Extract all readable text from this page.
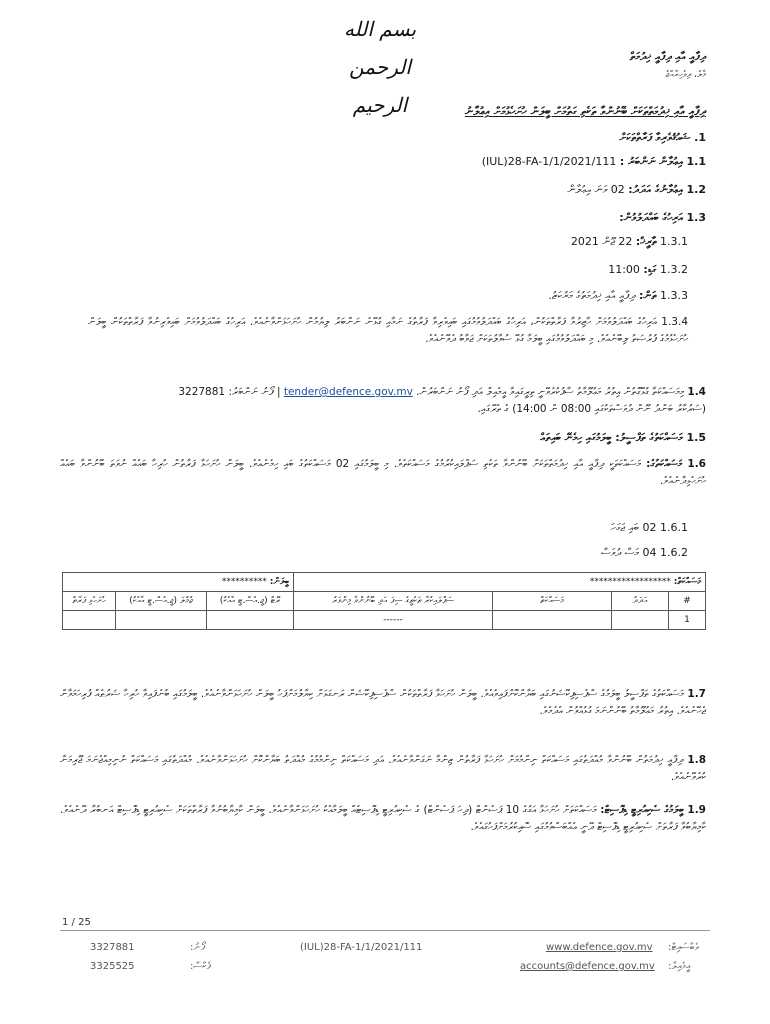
بسم الله الرحمن الرحيم
ދިފާއީ އާއި ދިފާއީ ޚިދުމަތް
މާލެ، ދިވެހިރާއްޖެ
ދިފާއީ އާއި ޚިދުމަތްތަކަށް ބޭނުންވާ ތަކެތި ގަތުމަށް ބީލަން ހުށަހެޅުމަށް އިޢުލާނު
1. ޝައުޤުވެރިވާ ފަރާތްތަކަށް
1.1 އިޢުލާން ނަންބަރު : (IUL)28-FA-1/1/2021/111
1.2 އިޢުލާނުގެ އަދަދު: 02 ވަނަ އިޢުލާން
1.3 އަރިހުގެ ބައްދަލުވުން:
1.3.1 ތާރީޚް: 22 ޖޫން 2021
1.3.2 ގަޑި: 11:00
1.3.3 ތަން: ދިފާއީ އާއި ޚިދުމަތުގެ މަރުކަޒު.
1.3.4 އަރިހުގެ ބައްދަލުވުމަށް ހާޒިރުވާ ފަރާތްތަކުން، އަރިހުގެ ބައްދަލުވުމުގައި ބައިވެރިވާ ފަރާތުގެ ނަމާއި ގުޅޭނެ ނަންބަރު ލިޔުމުން ހުށަހަޅަންވާނެއެވެ. އަރިހުގެ ބައްދަލުވުމަށް ބައިވެރިނުވާ ފަރާތްތަކުން ބީލަން ހުށަހެޅުމުގެ ފުރުޞަތު ލިބޭނެއެވެ. މި ބައްދަލުވުމުގައި ބީލަމާ ގުޅޭ ސުވާލުތަކަށް ޖަވާބު ދެވޭނެއެވެ.
1.4 މިމަސައްކަތާ ގުޅޭގޮތުން އިތުރު މަޢުލޫމާތު ސާފުކުރެވޭނީ ތިރީގައިވާ އީމެއިލް އަދި ފޯނު ނަންބަރުން. tender@defence.gov.mv | ފޯނު ނަންބަރު: 3227881
(ސަރުކާރު ބަންދު ނޫން ދުވަސްތަކުގައި 08:00 ން 14:00) ގެ ތެރޭގައި.
1.5 މަސައްކަތުގެ ތަފްސީލު: ބީލަމުގައި ހިމެނޭ ބައިތައް
1.6 މަސައްކަތުގެ: މަސައްކަތަކީ ދިފާއީ އާއި ޚިދުމަތްތަކަށް ބޭނުންވާ ތަކެތި ސަޕްލައިކުރުމުގެ މަސައްކަތެވެ. މި ބީލަމުގައި 02 މަސައްކަތުގެ ބައި ހިމެނެއެވެ. ބީލަން ހުށަހަޅާ ފަރާތުން ހުރިހާ ބައެއް ނުވަތަ ބޭނުންވާ ބައެއް ހުށަހެޅިދާނެއެވެ.
1.6.1 02 ބައި ޖަގަހަ
1.6.2 04 މަސް ދުވަސް
މަސައްކަތް: ******************				ބީލަން: **********		
#	އަދަދު	މަސައްކަތް	ސަޕްލައިކުރާ ތަކެތީގެ ސިފަ އަދި ބޭނުންވާ މިންވަރު	ރޭޓް (ޖީ.އެސް.ޓީ އާއެކު)	ޖުމްލަ (ޖީ.އެސް.ޓީ އާއެކު)	ހުށަހެޅި ފަރާތް
1			------			
1.7 މަސައްކަތުގެ ތަފްސީލު ބީލަމުގެ ސްޕެސިފިކޭޝަނުގައި ބަޔާންކޮށްފައިވެއެވެ. ބީލަން ހުށަހަޅާ ފަރާތްތަކުން ސްޕެސިފިކޭޝަން ރަނގަޅަށް ކިޔާލުމަށްފަހު ބީލަން ހުށަހަޅަންވާނެއެވެ. ބީލަމުގައި ބުނެފައިވާ ހުރިހާ ޝަރުޠެއް ފުރިހަމަވާން ޖެހޭނެއެވެ. އިތުރު މަޢުލޫމާތު ބޭނުންނަމަ ގުޅުއްވުން އެދެމެވެ.
1.8 ދިފާއީ ޚިދުމަތުން ބޭނުންވާ މުއްދަތުގައި މަސައްކަތް ނިންމުމަށް ހުށަހަޅާ ފަރާތުން ޒިންމާ ނަގަންވާނެއެވެ. އަދި މަސައްކަތް ނިންމުމުގެ މުއްދަތު ބަޔާންކޮށް ހުށަހަޅަންވާނެއެވެ. މުއްދަތުގައި މަސައްކަތް ނުނިމިއްޖެނަމަ ޖޫރިމަނާ ކުރެވޭނެއެވެ.
1.9 ބީލަމުގެ ސެކިއުރިޓީ ޑިޕޮސިޓް: މަސައްކަތަށް ހުށަހަޅާ އަގުގެ 10 ޕަސެންޓް (ދިހަ ޕަސެންޓް) ގެ ސެކިއުރިޓީ ޑިޕޮސިޓެއް ބީލަމާއެކު ހުށަހަޅަންވާނެއެވެ. ބީލަން ކާމިޔާބުނުވާ ފަރާތްތަކަށް ސެކިއުރިޓީ ޑިޕޮސިޓް އަނބުރާ ދޭނެއެވެ. ކާމިޔާބުވާ ފަރާތަށް ސެކިއުރިޓީ ޑިޕޮސިޓް ދޭނީ އެއްބަސްވުމުގައި ސޮއިކުރުމަށްފަހުގައެވެ.
1 / 25
3327881	ފޯނު:
3325525	ފެކްސް:
(IUL)28-FA-1/1/2021/111	www.defence.gov.mv ވެބްސައިޓް:
accounts@defence.gov.mv އީމެއިލް:
